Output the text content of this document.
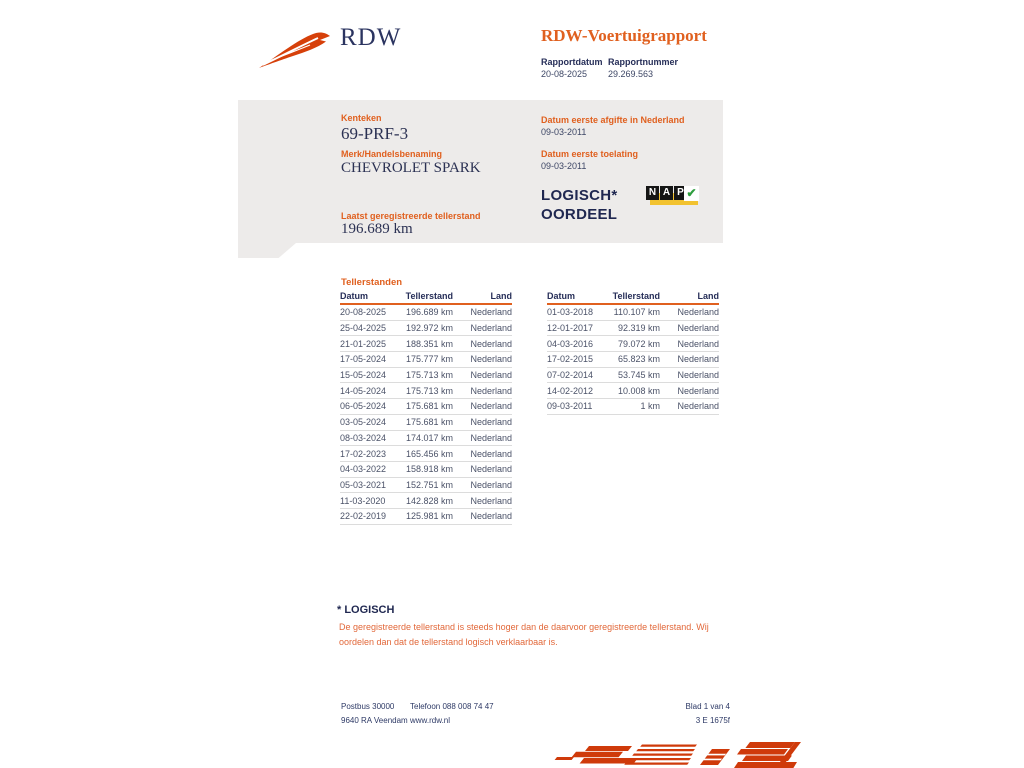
RDW	RDW-Voertuigrapport
Rapportdatum Rapportnummer
20-08-2025 29.269.563
Kenteken
69-PRF-3
Merk/Handelsbenaming
CHEVROLET SPARK
Laatst geregistreerde tellerstand
196.689 km
Datum eerste afgifte in Nederland
09-03-2011
Datum eerste toelating
09-03-2011
LOGISCH*
OORDEEL
N A P ✔
Tellerstanden
Datum	Tellerstand	Land
20-08-2025	196.689 km	Nederland
25-04-2025	192.972 km	Nederland
21-01-2025	188.351 km	Nederland
17-05-2024	175.777 km	Nederland
15-05-2024	175.713 km	Nederland
14-05-2024	175.713 km	Nederland
06-05-2024	175.681 km	Nederland
03-05-2024	175.681 km	Nederland
08-03-2024	174.017 km	Nederland
17-02-2023	165.456 km	Nederland
04-03-2022	158.918 km	Nederland
05-03-2021	152.751 km	Nederland
11-03-2020	142.828 km	Nederland
22-02-2019	125.981 km	Nederland
Datum	Tellerstand	Land
01-03-2018	110.107 km	Nederland
12-01-2017	92.319 km	Nederland
04-03-2016	79.072 km	Nederland
17-02-2015	65.823 km	Nederland
07-02-2014	53.745 km	Nederland
14-02-2012	10.008 km	Nederland
09-03-2011	1 km	Nederland
* LOGISCH
De geregistreerde tellerstand is steeds hoger dan de daarvoor geregistreerde tellerstand. Wij oordelen dan dat de tellerstand logisch verklaarbaar is.
Postbus 30000
9640 RA Veendam
Telefoon 088 008 74 47
www.rdw.nl
Blad 1 van 4
3 E 1675f
